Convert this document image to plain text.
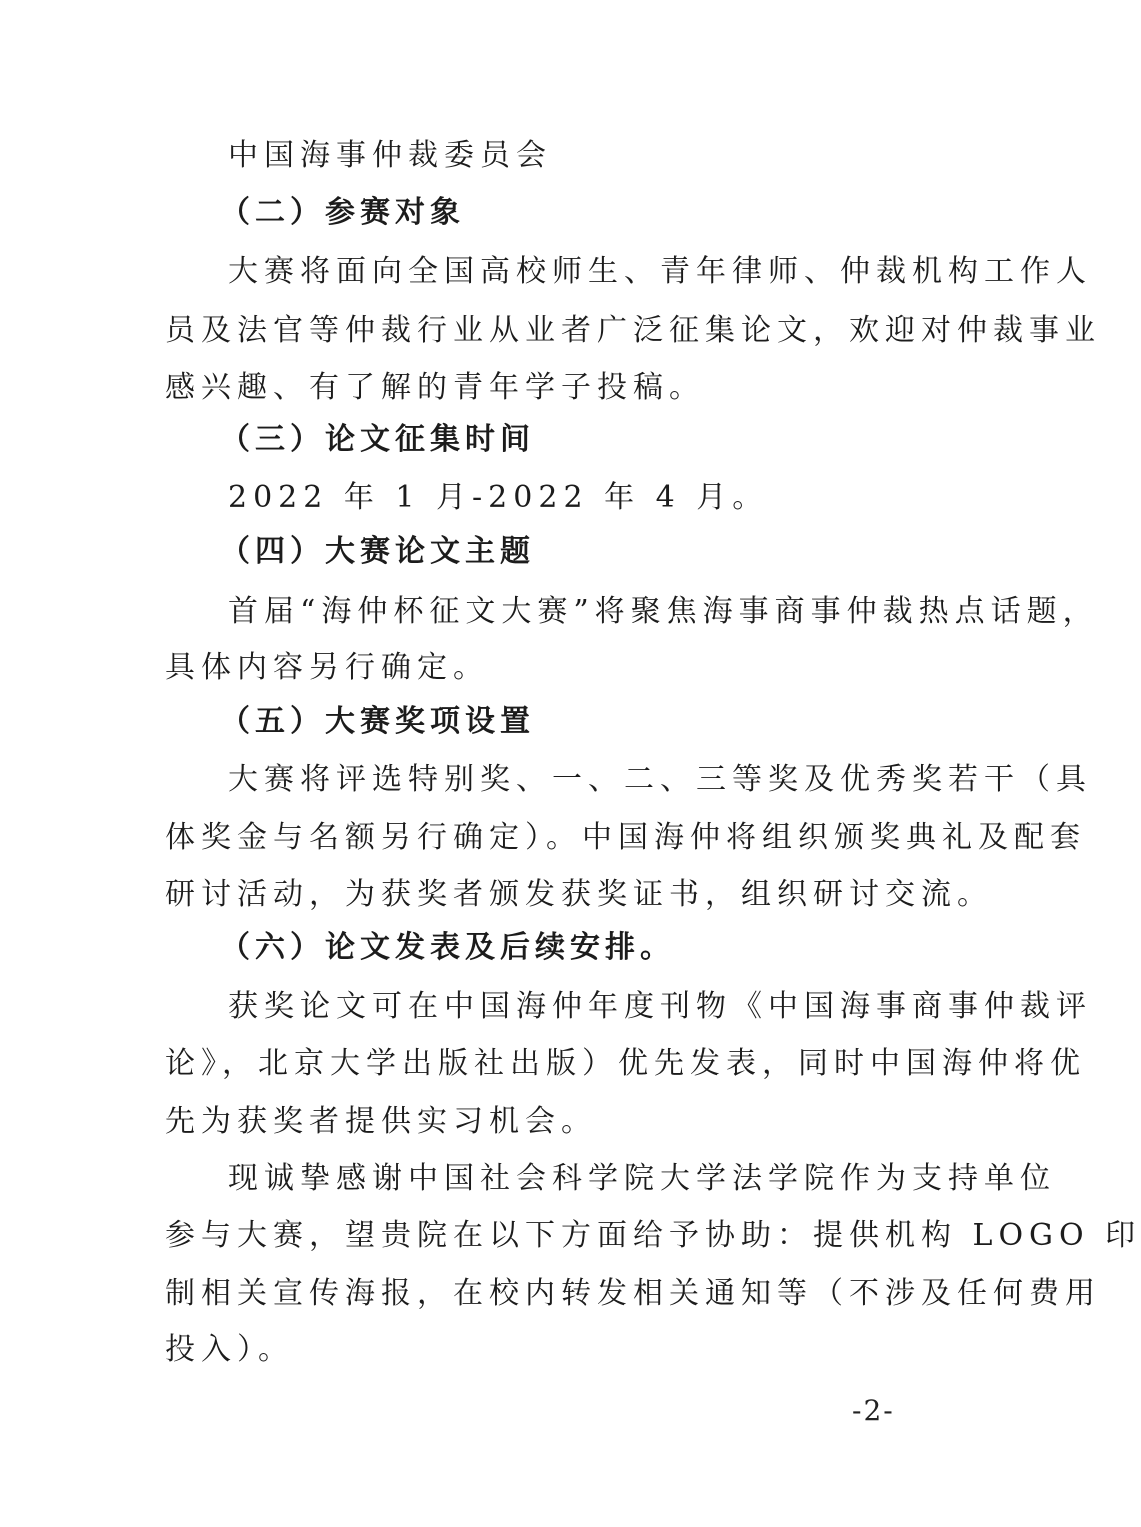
中国海事仲裁委员会
（二）参赛对象
大赛将面向全国高校师生、青年律师、仲裁机构工作人
员及法官等仲裁行业从业者广泛征集论文，欢迎对仲裁事业
感兴趣、有了解的青年学子投稿。
（三）论文征集时间
2022 年 1 月-2022 年 4 月。
（四）大赛论文主题
首届“海仲杯征文大赛”将聚焦海事商事仲裁热点话题，
具体内容另行确定。
（五）大赛奖项设置
大赛将评选特别奖、一、二、三等奖及优秀奖若干（具
体奖金与名额另行确定）。中国海仲将组织颁奖典礼及配套
研讨活动，为获奖者颁发获奖证书，组织研讨交流。
（六）论文发表及后续安排。
获奖论文可在中国海仲年度刊物《中国海事商事仲裁评
论》，北京大学出版社出版）优先发表，同时中国海仲将优
先为获奖者提供实习机会。
现诚挚感谢中国社会科学院大学法学院作为支持单位
参与大赛，望贵院在以下方面给予协助：提供机构 LOGO 印
制相关宣传海报，在校内转发相关通知等（不涉及任何费用
投入）。
-2-
